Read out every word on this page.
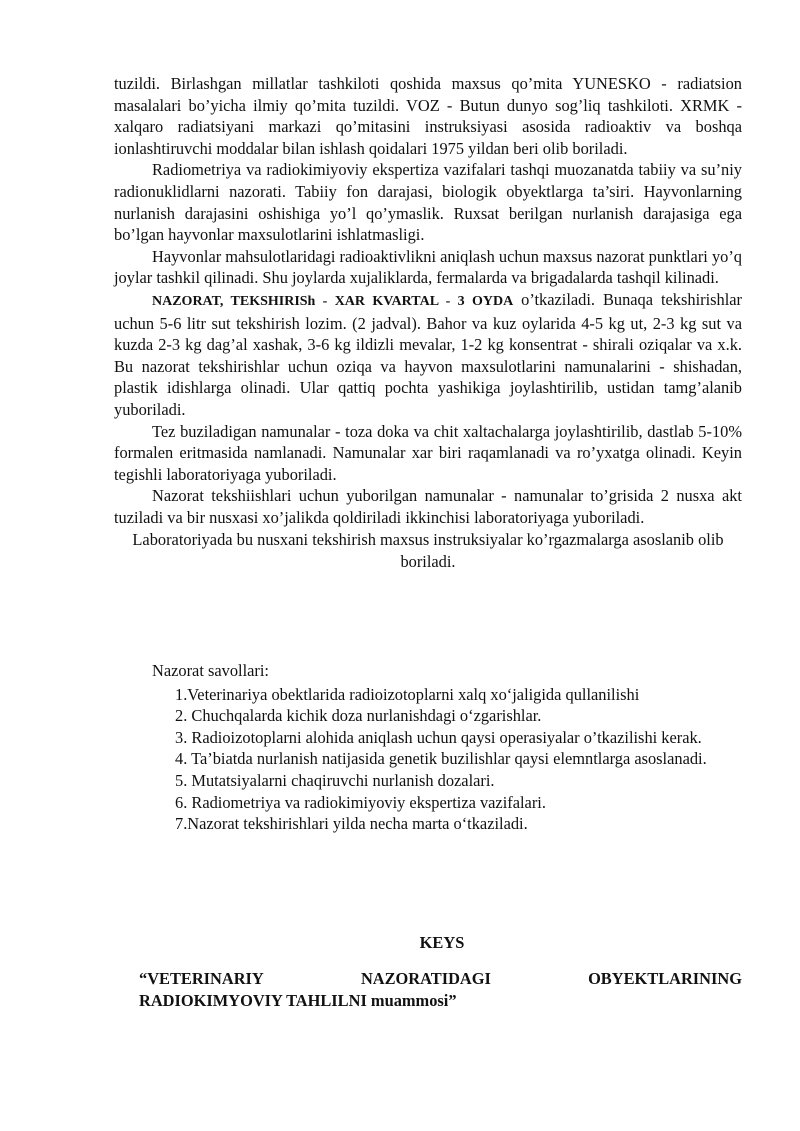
tuzildi. Birlashgan millatlar tashkiloti qoshida maxsus qo’mita YUNESKO - radiatsion masalalari bo’yicha ilmiy qo’mita tuzildi. VOZ - Butun dunyo sog’liq tashkiloti. XRMK - xalqaro radiatsiyani markazi qo’mitasini instruksiyasi asosida radioaktiv va boshqa ionlashtiruvchi moddalar bilan ishlash qoidalari 1975 yildan beri olib boriladi.

Radiometriya va radiokimiyoviy ekspertiza vazifalari tashqi muozanatda tabiiy va su’niy radionuklidlarni nazorati. Tabiiy fon darajasi, biologik obyektlarga ta’siri. Hayvonlarning nurlanish darajasini oshishiga yo’l qo’ymaslik. Ruxsat berilgan nurlanish darajasiga ega bo’lgan hayvonlar maxsulotlarini ishlatmasligi.

Hayvonlar mahsulotlaridagi radioaktivlikni aniqlash uchun maxsus nazorat punktlari yo’q joylar tashkil qilinadi. Shu joylarda xujaliklarda, fermalarda va brigadalarda tashqil kilinadi.

NAZORAT, TEKSHIRISh - XAR KVARTAL - 3 OYDA o’tkaziladi. Bunaqa tekshirishlar uchun 5-6 litr sut tekshirish lozim. (2 jadval). Bahor va kuz oylarida 4-5 kg ut, 2-3 kg sut va kuzda 2-3 kg dag’al xashak, 3-6 kg ildizli mevalar, 1-2 kg konsentrat - shirali oziqalar va x.k. Bu nazorat tekshirishlar uchun oziqa va hayvon maxsulotlarini namunalarini - shishadan, plastik idishlarga olinadi. Ular qattiq pochta yashikiga joylashtirilib, ustidan tamg’alanib yuboriladi.

Tez buziladigan namunalar - toza doka va chit xaltachalarga joylashtirilib, dastlab 5-10% formalen eritmasida namlanadi. Namunalar xar biri raqamlanadi va ro’yxatga olinadi. Keyin tegishli laboratoriyaga yuboriladi.

Nazorat tekshiishlari uchun yuborilgan namunalar - namunalar to’grisida 2 nusxa akt tuziladi va bir nusxasi xo’jalikda qoldiriladi ikkinchisi laboratoriyaga yuboriladi.

Laboratoriyada bu nusxani tekshirish maxsus instruksiyalar ko’rgazmalarga asoslanib olib boriladi.

Nazorat savollari:

1.Veterinariya obektlarida radioizotoplarni xalq xo‘jaligida qullanilishi
2. Chuchqalarda kichik doza nurlanishdagi o‘zgarishlar.
3. Radioizotoplarni alohida aniqlash uchun qaysi operasiyalar o’tkazilishi kerak.
4. Ta’biatda nurlanish natijasida genetik buzilishlar qaysi elemntlarga asoslanadi.
5. Mutatsiyalarni chaqiruvchi nurlanish dozalari.
6. Radiometriya va radiokimiyoviy ekspertiza vazifalari.
7.Nazorat tekshirishlari yilda necha marta o‘tkaziladi.
KEYS
“VETERINARIY	NAZORATIDAGI	OBYEKTLARINING
RADIOKIMYOVIY TAHLILNI muammosi”
